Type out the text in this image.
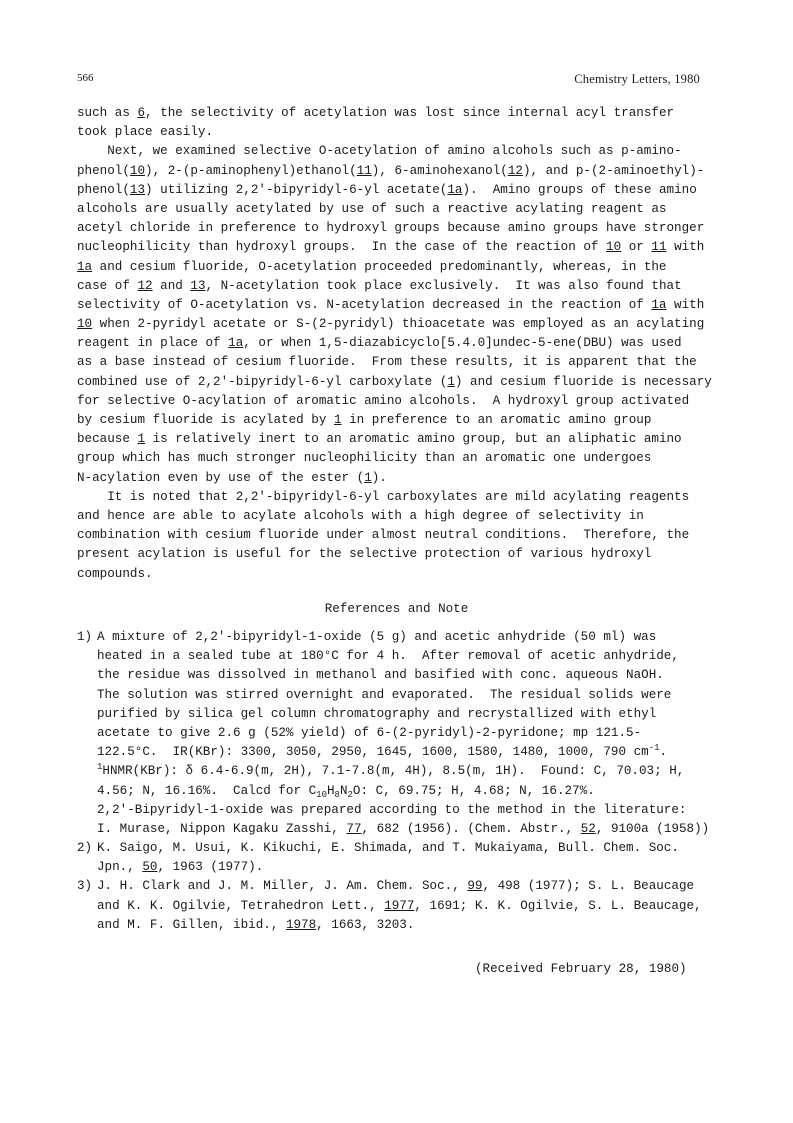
566	Chemistry Letters, 1980
such as 6, the selectivity of acetylation was lost since internal acyl transfer
took place easily.
Next, we examined selective O-acetylation of amino alcohols such as p-amino-
phenol(10), 2-(p-aminophenyl)ethanol(11), 6-aminohexanol(12), and p-(2-aminoethyl)-
phenol(13) utilizing 2,2'-bipyridyl-6-yl acetate(1a).  Amino groups of these amino
alcohols are usually acetylated by use of such a reactive acylating reagent as
acetyl chloride in preference to hydroxyl groups because amino groups have stronger
nucleophilicity than hydroxyl groups.  In the case of the reaction of 10 or 11 with
1a and cesium fluoride, O-acetylation proceeded predominantly, whereas, in the
case of 12 and 13, N-acetylation took place exclusively.  It was also found that
selectivity of O-acetylation vs. N-acetylation decreased in the reaction of 1a with
10 when 2-pyridyl acetate or S-(2-pyridyl) thioacetate was employed as an acylating
reagent in place of 1a, or when 1,5-diazabicyclo[5.4.0]undec-5-ene(DBU) was used
as a base instead of cesium fluoride.  From these results, it is apparent that the
combined use of 2,2'-bipyridyl-6-yl carboxylate (1) and cesium fluoride is necessary
for selective O-acylation of aromatic amino alcohols.  A hydroxyl group activated
by cesium fluoride is acylated by 1 in preference to an aromatic amino group
because 1 is relatively inert to an aromatic amino group, but an aliphatic amino
group which has much stronger nucleophilicity than an aromatic one undergoes
N-acylation even by use of the ester (1).
It is noted that 2,2'-bipyridyl-6-yl carboxylates are mild acylating reagents
and hence are able to acylate alcohols with a high degree of selectivity in
combination with cesium fluoride under almost neutral conditions.  Therefore, the
present acylation is useful for the selective protection of various hydroxyl
compounds.
References and Note
1) A mixture of 2,2'-bipyridyl-1-oxide (5 g) and acetic anhydride (50 ml) was
heated in a sealed tube at 180°C for 4 h.  After removal of acetic anhydride,
the residue was dissolved in methanol and basified with conc. aqueous NaOH.
The solution was stirred overnight and evaporated.  The residual solids were
purified by silica gel column chromatography and recrystallized with ethyl
acetate to give 2.6 g (52% yield) of 6-(2-pyridyl)-2-pyridone; mp 121.5-
122.5°C.  IR(KBr): 3300, 3050, 2950, 1645, 1600, 1580, 1480, 1000, 790 $cm^{-1}$.
$^1$HNMR(KBr): δ 6.4-6.9(m, 2H), 7.1-7.8(m, 4H), 8.5(m, 1H).  Found: C, 70.03; H,
4.56; N, 16.16%.  Calcd for $C_{10}H_8N_2O$: C, 69.75; H, 4.68; N, 16.27%.
2,2'-Bipyridyl-1-oxide was prepared according to the method in the literature:
I. Murase, Nippon Kagaku Zasshi, 77, 682 (1956). (Chem. Abstr., 52, 9100a (1958))
2) K. Saigo, M. Usui, K. Kikuchi, E. Shimada, and T. Mukaiyama, Bull. Chem. Soc.
Jpn., 50, 1963 (1977).
3) J. H. Clark and J. M. Miller, J. Am. Chem. Soc., 99, 498 (1977); S. L. Beaucage
and K. K. Ogilvie, Tetrahedron Lett., 1977, 1691; K. K. Ogilvie, S. L. Beaucage,
and M. F. Gillen, ibid., 1978, 1663, 3203.
(Received February 28, 1980)
